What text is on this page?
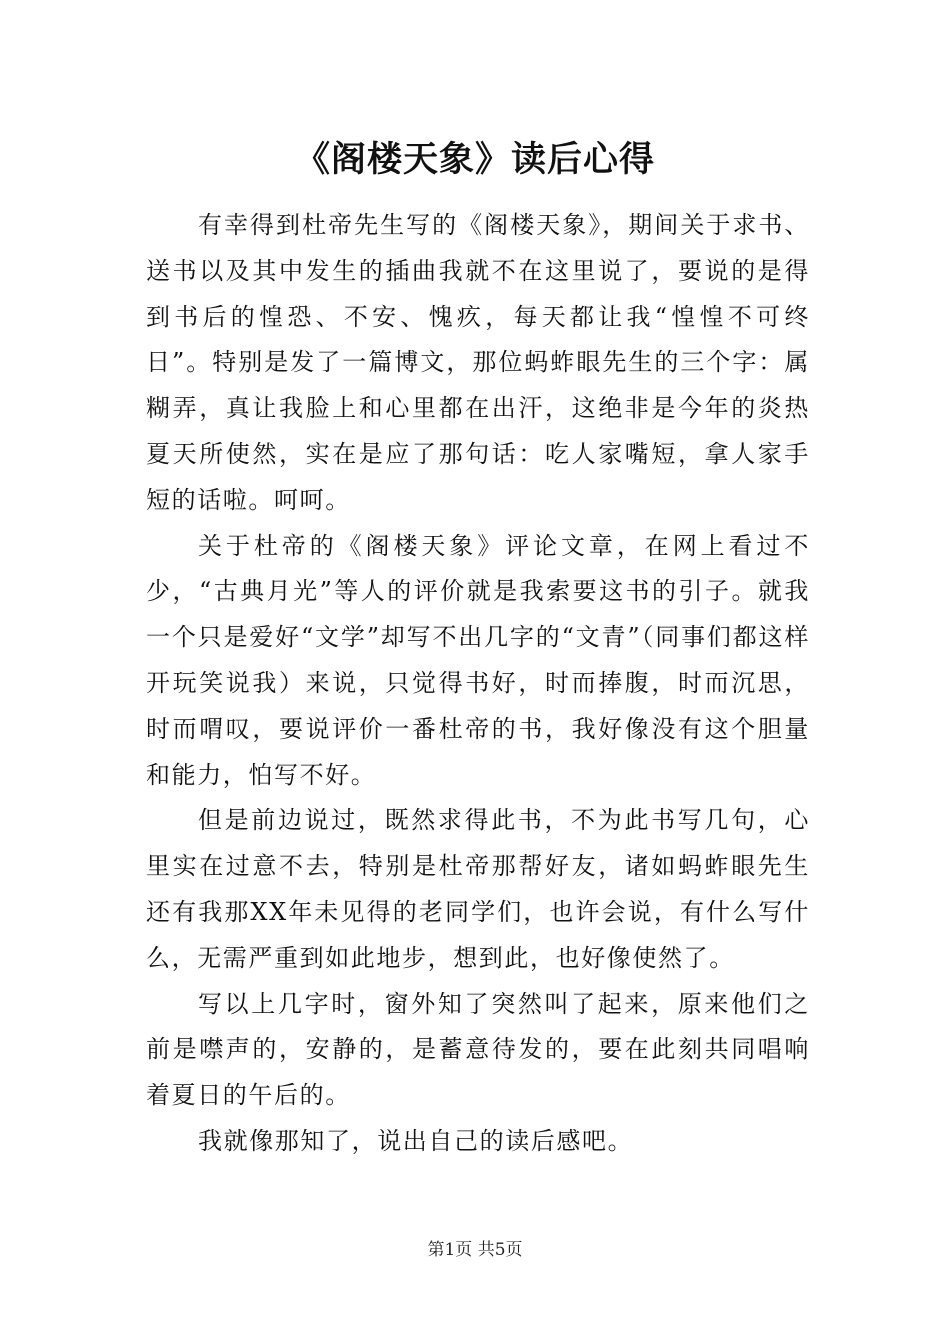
《阁楼天象》读后心得

有幸得到杜帝先生写的《阁楼天象》，期间关于求书、送书以及其中发生的插曲我就不在这里说了，要说的是得到书后的惶恐、不安、愧疚，每天都让我“惶惶不可终日”。特别是发了一篇博文，那位蚂蚱眼先生的三个字：属糊弄，真让我脸上和心里都在出汗，这绝非是今年的炎热夏天所使然，实在是应了那句话：吃人家嘴短，拿人家手短的话啦。呵呵。

关于杜帝的《阁楼天象》评论文章，在网上看过不少，“古典月光”等人的评价就是我索要这书的引子。就我一个只是爱好“文学”却写不出几字的“文青”（同事们都这样开玩笑说我）来说，只觉得书好，时而捧腹，时而沉思，时而喟叹，要说评价一番杜帝的书，我好像没有这个胆量和能力，怕写不好。

但是前边说过，既然求得此书，不为此书写几句，心里实在过意不去，特别是杜帝那帮好友，诸如蚂蚱眼先生还有我那XX年未见得的老同学们，也许会说，有什么写什么，无需严重到如此地步，想到此，也好像使然了。

写以上几字时，窗外知了突然叫了起来，原来他们之前是噤声的，安静的，是蓄意待发的，要在此刻共同唱响着夏日的午后的。

我就像那知了，说出自己的读后感吧。

第1页 共5页
